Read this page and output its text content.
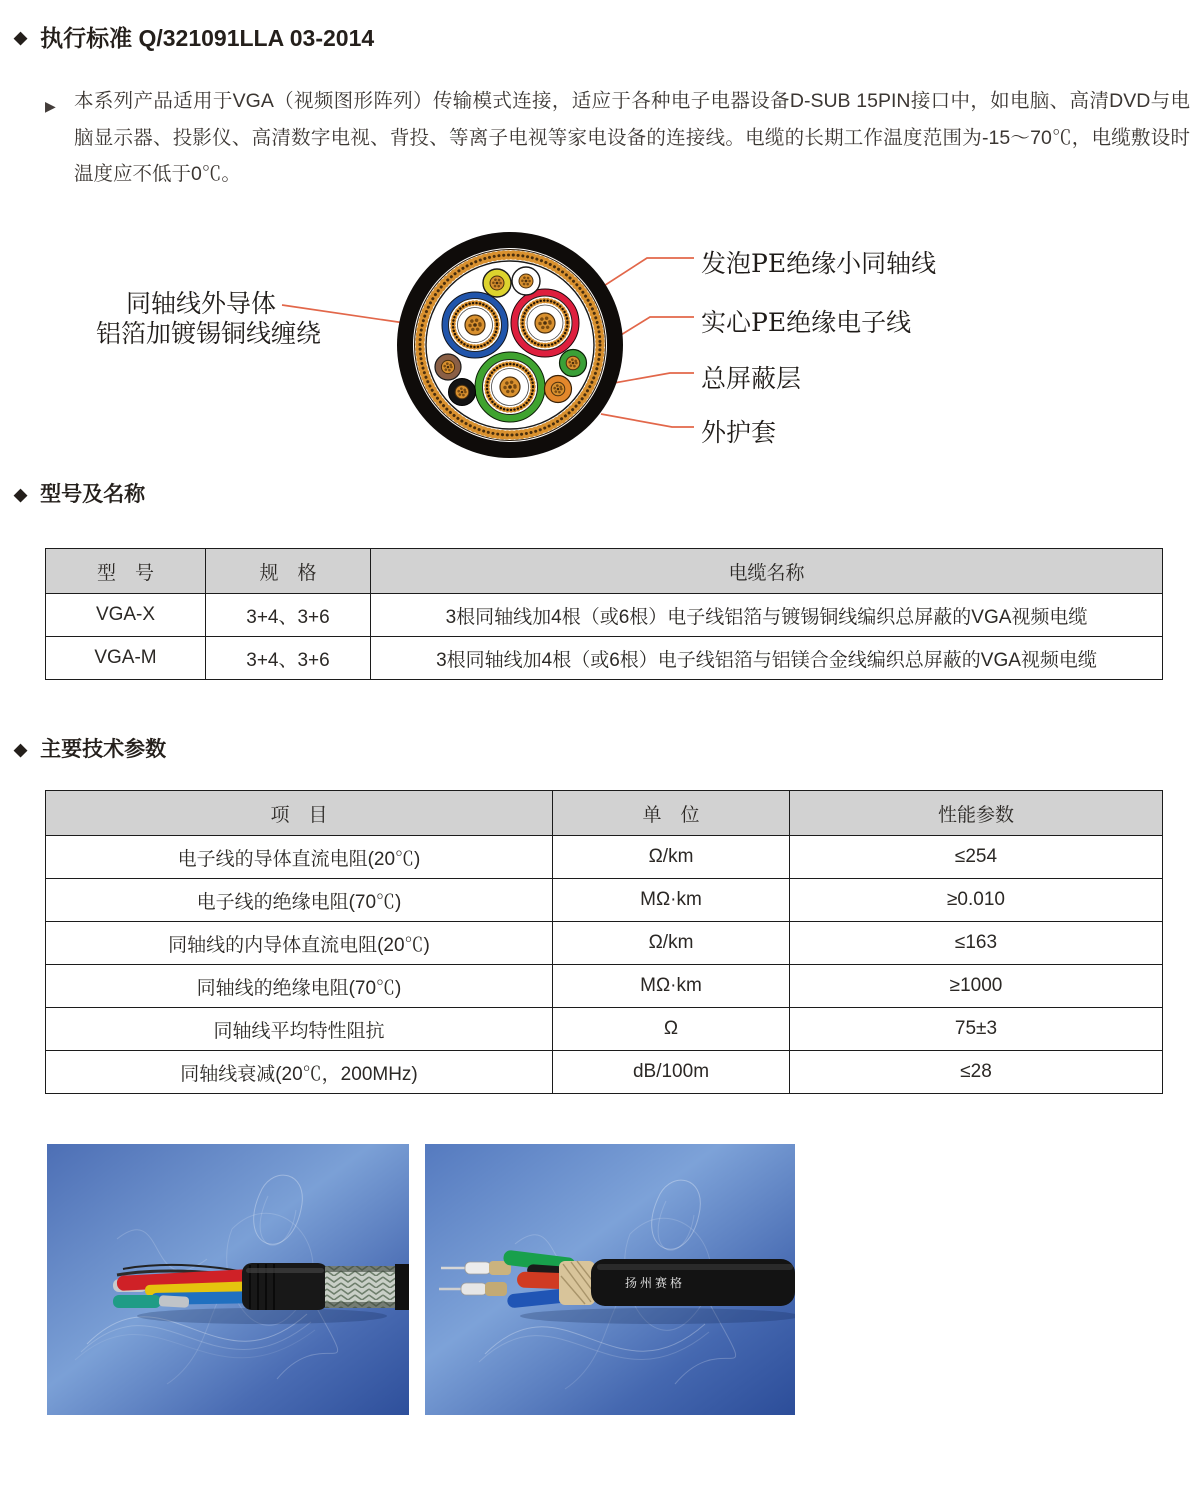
◆ 执行标准 Q/321091LLA 03-2014
▶ 本系列产品适用于VGA（视频图形阵列）传输模式连接，适应于各种电子电器设备D-SUB 15PIN接口中，如电脑、高清DVD与电脑显示器、投影仪、高清数字电视、背投、等离子电视等家电设备的连接线。电缆的长期工作温度范围为-15～70℃，电缆敷设时温度应不低于0℃。
同轴线外导体
铝箔加镀锡铜线缠绕
发泡PE绝缘小同轴线
实心PE绝缘电子线
总屏蔽层
外护套
◆ 型号及名称
型　号	规　格	电缆名称
VGA-X	3+4、3+6	3根同轴线加4根（或6根）电子线铝箔与镀锡铜线编织总屏蔽的VGA视频电缆
VGA-M	3+4、3+6	3根同轴线加4根（或6根）电子线铝箔与铝镁合金线编织总屏蔽的VGA视频电缆
◆ 主要技术参数
项　目	单　位	性能参数
电子线的导体直流电阻(20℃)	Ω/km	≤254
电子线的绝缘电阻(70℃)	MΩ·km	≥0.010
同轴线的内导体直流电阻(20℃)	Ω/km	≤163
同轴线的绝缘电阻(70℃)	MΩ·km	≥1000
同轴线平均特性阻抗	Ω	75±3
同轴线衰减(20℃，200MHz)	dB/100m	≤28
扬州赛格
